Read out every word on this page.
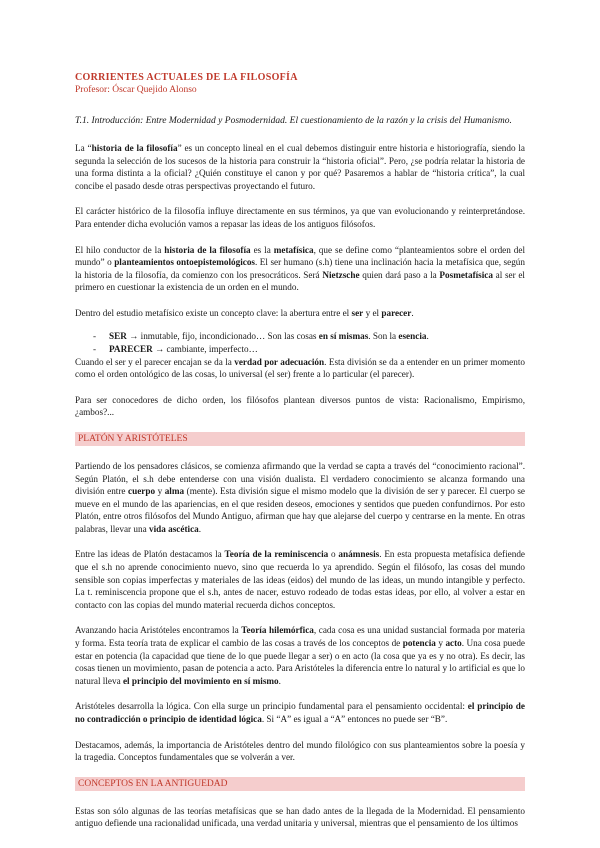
CORRIENTES ACTUALES DE LA FILOSOFÍA
Profesor: Óscar Quejido Alonso
T.1. Introducción: Entre Modernidad y Posmodernidad. El cuestionamiento de la razón y la crisis del Humanismo.

La “historia de la filosofía” es un concepto lineal en el cual debemos distinguir entre historia e historiografía, siendo la segunda la selección de los sucesos de la historia para construir la “historia oficial”. Pero, ¿se podría relatar la historia de una forma distinta a la oficial? ¿Quién constituye el canon y por qué? Pasaremos a hablar de “historia crítica”, la cual concibe el pasado desde otras perspectivas proyectando el futuro.

El carácter histórico de la filosofía influye directamente en sus términos, ya que van evolucionando y reinterpretándose. Para entender dicha evolución vamos a repasar las ideas de los antiguos filósofos.

El hilo conductor de la historia de la filosofía es la metafísica, que se define como “planteamientos sobre el orden del mundo” o planteamientos ontoepistemológicos. El ser humano (s.h) tiene una inclinación hacia la metafísica que, según la historia de la filosofía, da comienzo con los presocráticos. Será Nietzsche quien dará paso a la Posmetafísica al ser el primero en cuestionar la existencia de un orden en el mundo.

Dentro del estudio metafísico existe un concepto clave: la abertura entre el ser y el parecer.

- SER → inmutable, fijo, incondicionado… Son las cosas en sí mismas. Son la esencia.
- PARECER → cambiante, imperfecto…

Cuando el ser y el parecer encajan se da la verdad por adecuación. Esta división se da a entender en un primer momento como el orden ontológico de las cosas, lo universal (el ser) frente a lo particular (el parecer).

Para ser conocedores de dicho orden, los filósofos plantean diversos puntos de vista: Racionalismo, Empirismo, ¿ambos?...

PLATÓN Y ARISTÓTELES

Partiendo de los pensadores clásicos, se comienza afirmando que la verdad se capta a través del “conocimiento racional”. Según Platón, el s.h debe entenderse con una visión dualista. El verdadero conocimiento se alcanza formando una división entre cuerpo y alma (mente). Esta división sigue el mismo modelo que la división de ser y parecer. El cuerpo se mueve en el mundo de las apariencias, en el que residen deseos, emociones y sentidos que pueden confundirnos. Por esto Platón, entre otros filósofos del Mundo Antiguo, afirman que hay que alejarse del cuerpo y centrarse en la mente. En otras palabras, llevar una vida ascética.

Entre las ideas de Platón destacamos la Teoría de la reminiscencia o anámnesis. En esta propuesta metafísica defiende que el s.h no aprende conocimiento nuevo, sino que recuerda lo ya aprendido. Según el filósofo, las cosas del mundo sensible son copias imperfectas y materiales de las ideas (eidos) del mundo de las ideas, un mundo intangible y perfecto. La t. reminiscencia propone que el s.h, antes de nacer, estuvo rodeado de todas estas ideas, por ello, al volver a estar en contacto con las copias del mundo material recuerda dichos conceptos.

Avanzando hacia Aristóteles encontramos la Teoría hilemórfica, cada cosa es una unidad sustancial formada por materia y forma. Esta teoría trata de explicar el cambio de las cosas a través de los conceptos de potencia y acto. Una cosa puede estar en potencia (la capacidad que tiene de lo que puede llegar a ser) o en acto (la cosa que ya es y no otra). Es decir, las cosas tienen un movimiento, pasan de potencia a acto. Para Aristóteles la diferencia entre lo natural y lo artificial es que lo natural lleva el principio del movimiento en sí mismo.

Aristóteles desarrolla la lógica. Con ella surge un principio fundamental para el pensamiento occidental: el principio de no contradicción o principio de identidad lógica. Si “A” es igual a “A” entonces no puede ser “B”.

Destacamos, además, la importancia de Aristóteles dentro del mundo filológico con sus planteamientos sobre la poesía y la tragedia. Conceptos fundamentales que se volverán a ver.

CONCEPTOS EN LA ANTIGUEDAD

Estas son sólo algunas de las teorías metafísicas que se han dado antes de la llegada de la Modernidad. El pensamiento antiguo defiende una racionalidad unificada, una verdad unitaria y universal, mientras que el pensamiento de los últimos
